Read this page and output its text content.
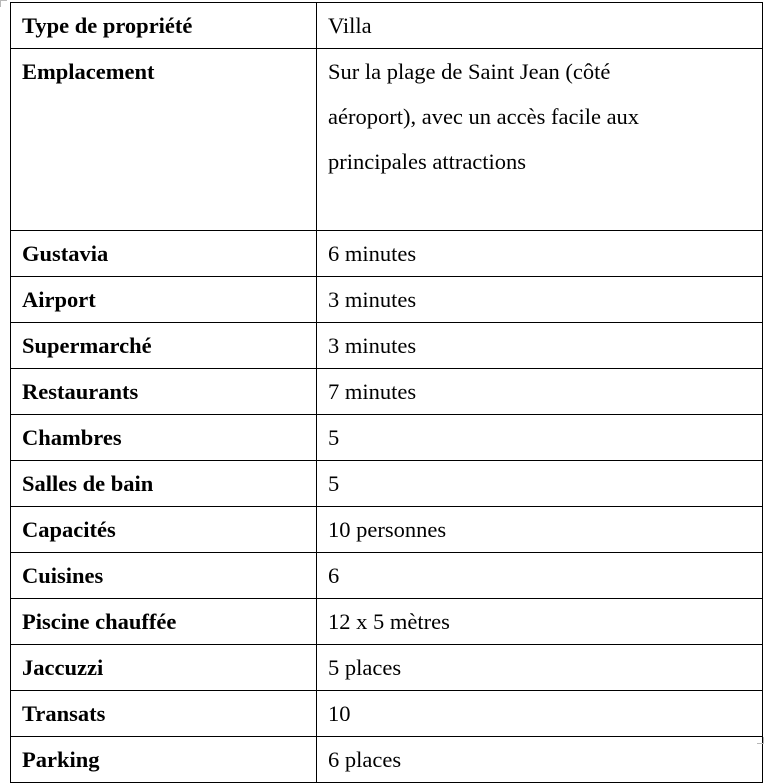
Type de propriété	Villa
Emplacement	Sur la plage de Saint Jean (côté
aéroport), avec un accès facile aux
principales attractions

Gustavia	6 minutes
Airport	3 minutes
Supermarché	3 minutes
Restaurants	7 minutes
Chambres	5
Salles de bain	5
Capacités	10 personnes
Cuisines	6
Piscine chauffée	12 x 5 mètres
Jaccuzzi	5 places
Transats	10
Parking	6 places
